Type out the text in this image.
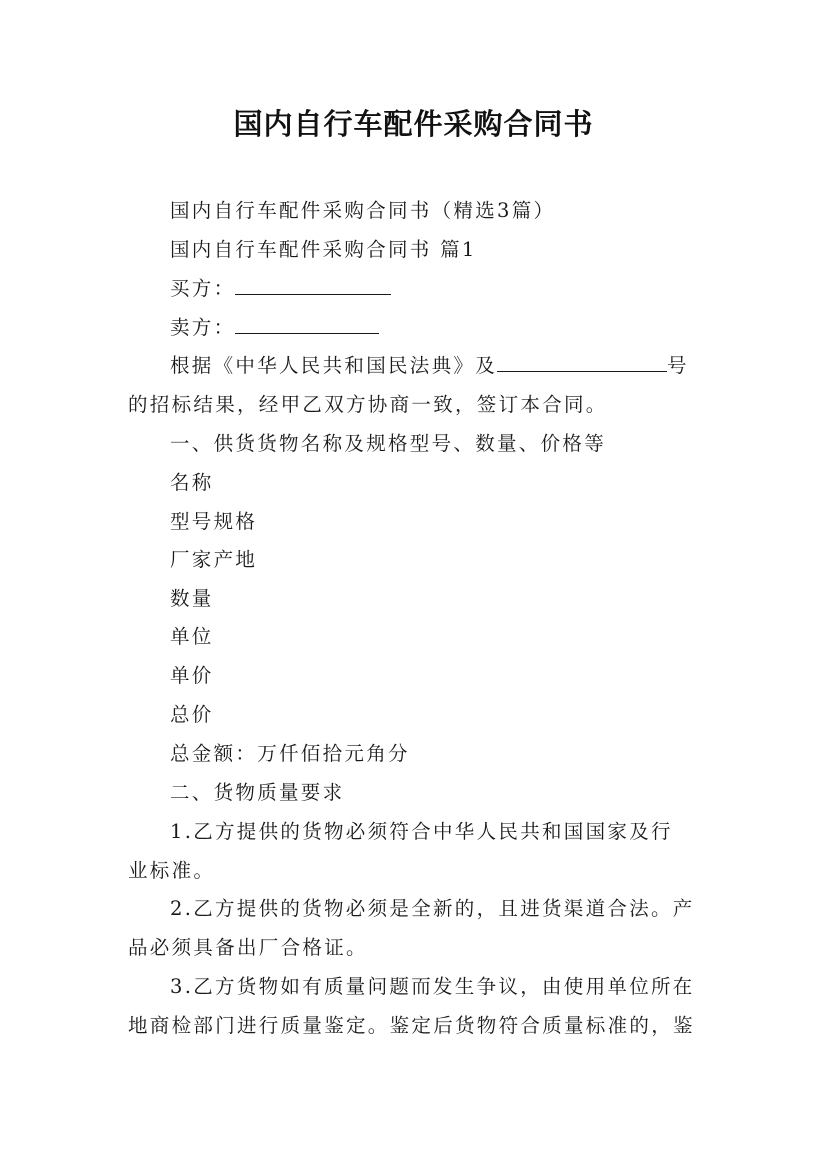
国内自行车配件采购合同书
国内自行车配件采购合同书（精选3篇）
国内自行车配件采购合同书 篇1
买方：
卖方：
根据《中华人民共和国民法典》及	号
的招标结果，经甲乙双方协商一致，签订本合同。
一、供货货物名称及规格型号、数量、价格等
名称
型号规格
厂家产地
数量
单位
单价
总价
总金额：万仟佰拾元角分
二、货物质量要求
1.乙方提供的货物必须符合中华人民共和国国家及行
业标准。
2.乙方提供的货物必须是全新的，且进货渠道合法。产
品必须具备出厂合格证。
3.乙方货物如有质量问题而发生争议，由使用单位所在
地商检部门进行质量鉴定。鉴定后货物符合质量标准的，鉴
